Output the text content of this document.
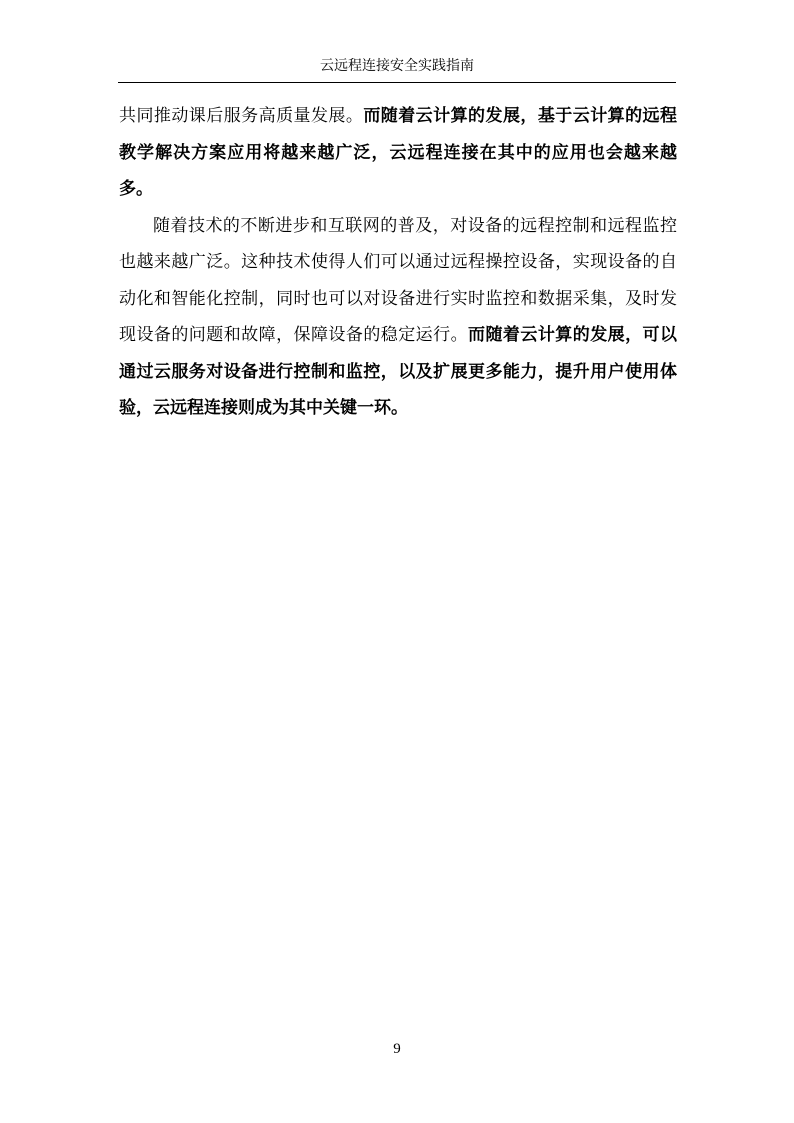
云远程连接安全实践指南

共同推动课后服务高质量发展。而随着云计算的发展，基于云计算的远程教学解决方案应用将越来越广泛，云远程连接在其中的应用也会越来越多。

随着技术的不断进步和互联网的普及，对设备的远程控制和远程监控也越来越广泛。这种技术使得人们可以通过远程操控设备，实现设备的自动化和智能化控制，同时也可以对设备进行实时监控和数据采集，及时发现设备的问题和故障，保障设备的稳定运行。而随着云计算的发展，可以通过云服务对设备进行控制和监控，以及扩展更多能力，提升用户使用体验，云远程连接则成为其中关键一环。

9
